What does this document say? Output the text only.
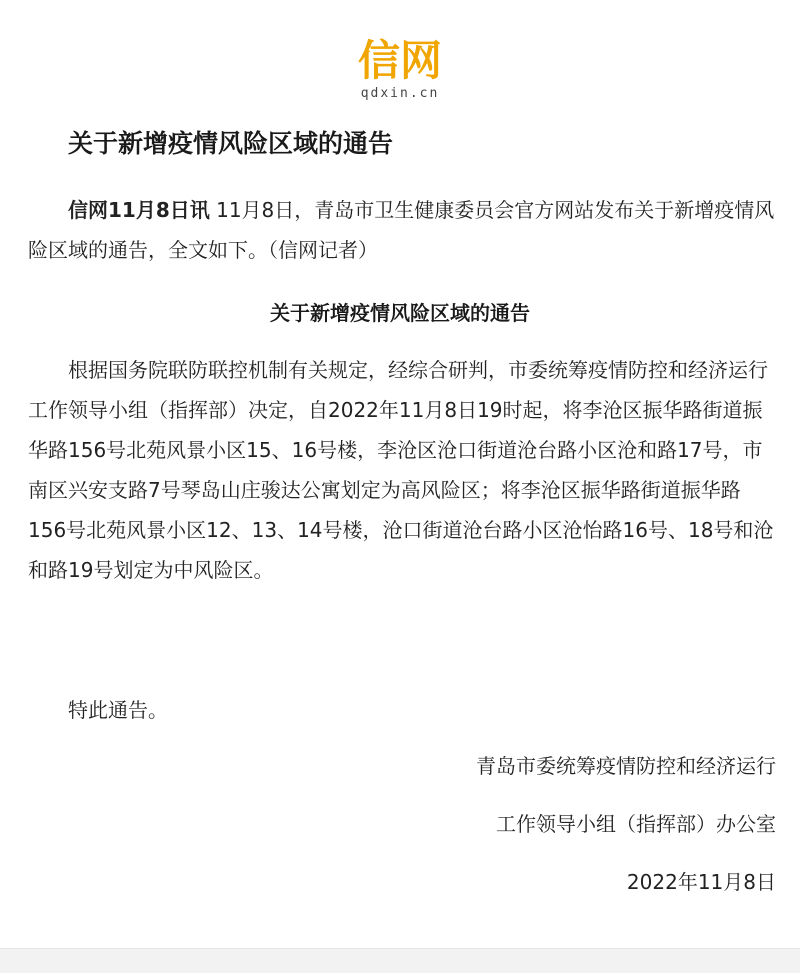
信网
qdxin.cn
关于新增疫情风险区域的通告

信网11月8日讯 11月8日，青岛市卫生健康委员会官方网站发布关于新增疫情风险区域的通告，全文如下。（信网记者）

关于新增疫情风险区域的通告

根据国务院联防联控机制有关规定，经综合研判，市委统筹疫情防控和经济运行工作领导小组（指挥部）决定，自2022年11月8日19时起，将李沧区振华路街道振华路156号北苑风景小区15、16号楼，李沧区沧口街道沧台路小区沧和路17号，市南区兴安支路7号琴岛山庄骏达公寓划定为高风险区；将李沧区振华路街道振华路156号北苑风景小区12、13、14号楼，沧口街道沧台路小区沧怡路16号、18号和沧和路19号划定为中风险区。

特此通告。

青岛市委统筹疫情防控和经济运行
工作领导小组（指挥部）办公室
2022年11月8日
